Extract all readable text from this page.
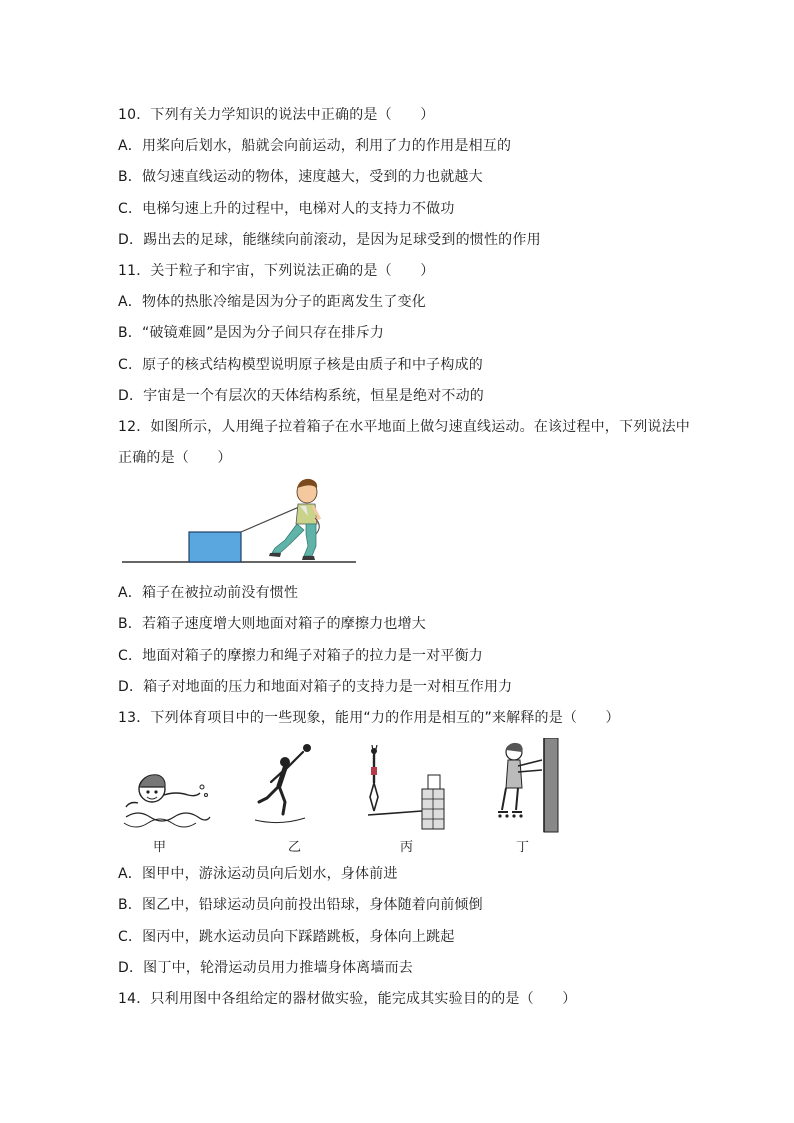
10．下列有关力学知识的说法中正确的是（　　）
A．用桨向后划水，船就会向前运动，利用了力的作用是相互的
B．做匀速直线运动的物体，速度越大，受到的力也就越大
C．电梯匀速上升的过程中，电梯对人的支持力不做功
D．踢出去的足球，能继续向前滚动，是因为足球受到的惯性的作用
11．关于粒子和宇宙，下列说法正确的是（　　）
A．物体的热胀冷缩是因为分子的距离发生了变化
B．“破镜难圆”是因为分子间只存在排斥力
C．原子的核式结构模型说明原子核是由质子和中子构成的
D．宇宙是一个有层次的天体结构系统，恒星是绝对不动的
12．如图所示，人用绳子拉着箱子在水平地面上做匀速直线运动。在该过程中，下列说法中
正确的是（　　）
A．箱子在被拉动前没有惯性
B．若箱子速度增大则地面对箱子的摩擦力也增大
C．地面对箱子的摩擦力和绳子对箱子的拉力是一对平衡力
D．箱子对地面的压力和地面对箱子的支持力是一对相互作用力
13．下列体育项目中的一些现象，能用“力的作用是相互的”来解释的是（　　）
甲	乙	丙	丁
A．图甲中，游泳运动员向后划水，身体前进
B．图乙中，铅球运动员向前投出铅球，身体随着向前倾倒
C．图丙中，跳水运动员向下踩踏跳板，身体向上跳起
D．图丁中，轮滑运动员用力推墙身体离墙而去
14．只利用图中各组给定的器材做实验，能完成其实验目的的是（　　）
